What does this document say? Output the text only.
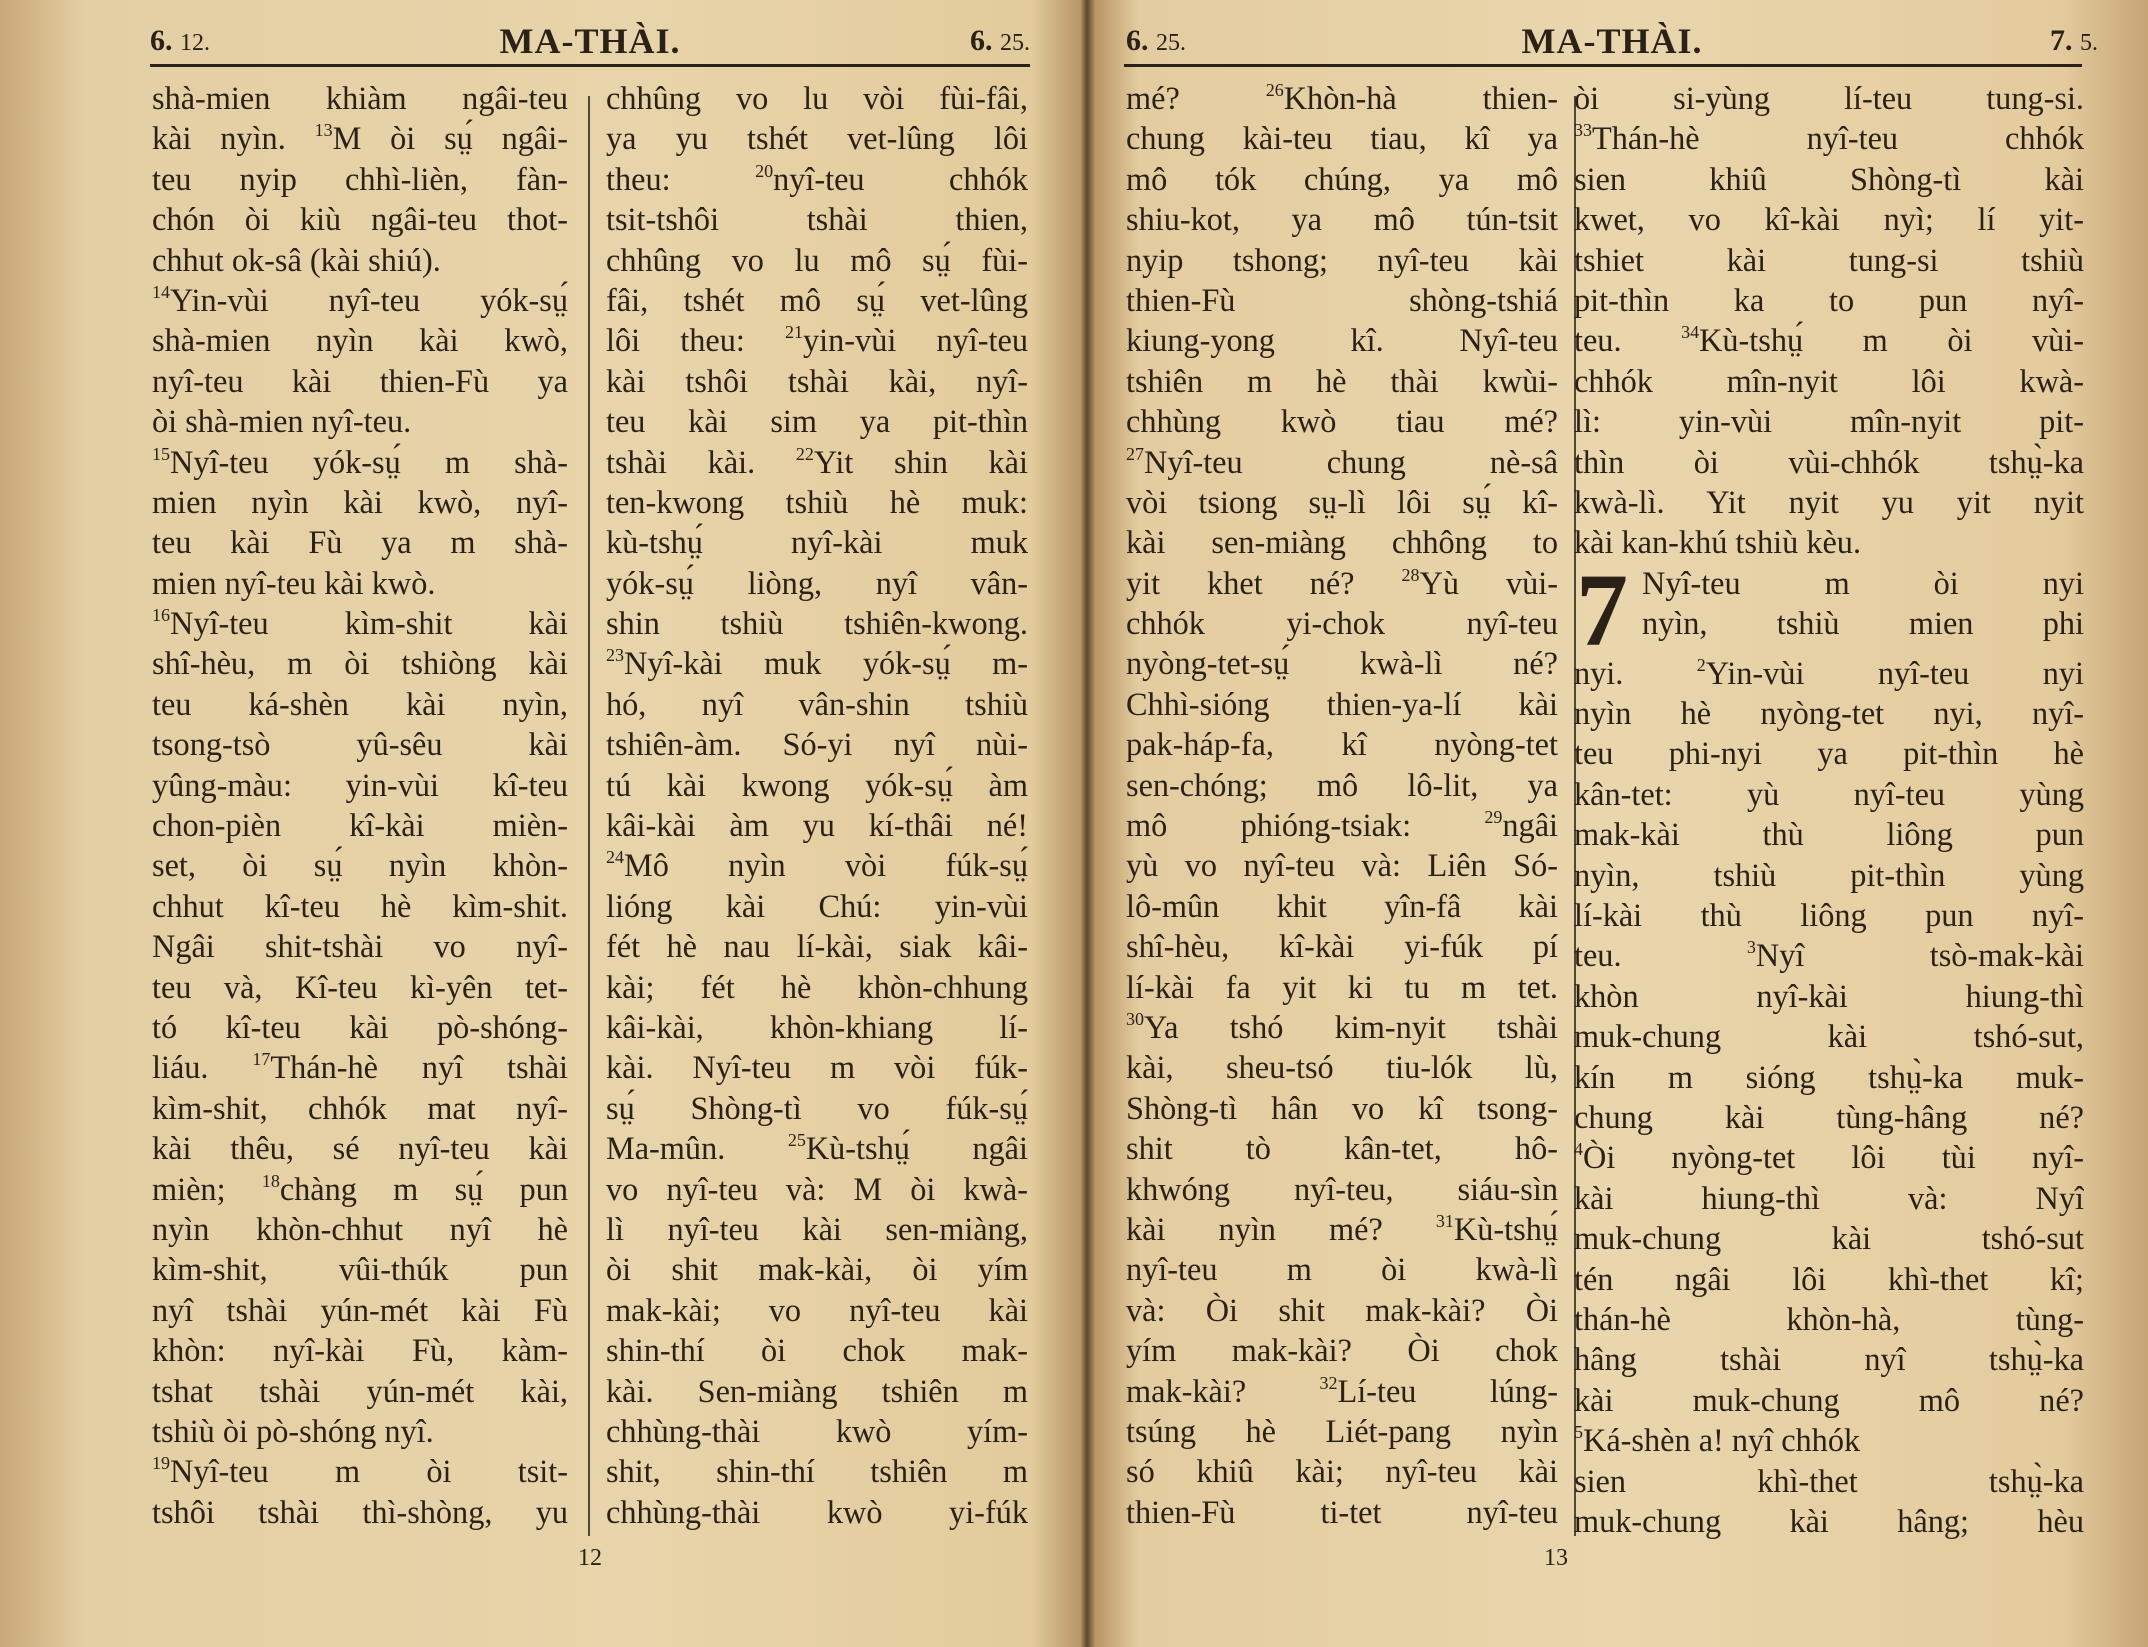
6. 12.	MA-THÀI.	6. 25.
shà-mien khiàm ngâi-teu
kài nyìn. $^{13}$M òi sṳ́ ngâi-
teu nyip chhì-lièn, fàn-
chón òi kiù ngâi-teu thot-
chhut ok-sâ (kài shiú).
$^{14}$Yin-vùi nyî-teu yók-sṳ́
shà-mien nyìn kài kwò,
nyî-teu kài thien-Fù ya
òi shà-mien nyî-teu.
$^{15}$Nyî-teu yók-sṳ́ m shà-
mien nyìn kài kwò, nyî-
teu kài Fù ya m shà-
mien nyî-teu kài kwò.
$^{16}$Nyî-teu kìm-shit kài
shî-hèu, m òi tshiòng kài
teu ká-shèn kài nyìn,
tsong-tsò yû-sêu kài
yûng-màu: yin-vùi kî-teu
chon-pièn kî-kài mièn-
set, òi sṳ́ nyìn khòn-
chhut kî-teu hè kìm-shit.
Ngâi shit-tshài vo nyî-
teu và, Kî-teu kì-yên tet-
tó kî-teu kài pò-shóng-
liáu. $^{17}$Thán-hè nyî tshài
kìm-shit, chhók mat nyî-
kài thêu, sé nyî-teu kài
mièn; $^{18}$chàng m sṳ́ pun
nyìn khòn-chhut nyî hè
kìm-shit, vûi-thúk pun
nyî tshài yún-mét kài Fù
khòn: nyî-kài Fù, kàm-
tshat tshài yún-mét kài,
tshiù òi pò-shóng nyî.
$^{19}$Nyî-teu m òi tsit-
tshôi tshài thì-shòng, yu
chhûng vo lu vòi fùi-fâi,
ya yu tshét vet-lûng lôi
theu: $^{20}$nyî-teu chhók
tsit-tshôi tshài thien,
chhûng vo lu mô sṳ́ fùi-
fâi, tshét mô sṳ́ vet-lûng
lôi theu: $^{21}$yin-vùi nyî-teu
kài tshôi tshài kài, nyî-
teu kài sim ya pit-thìn
tshài kài. $^{22}$Yit shin kài
ten-kwong tshiù hè muk:
kù-tshṳ́ nyî-kài muk
yók-sṳ́ liòng, nyî vân-
shin tshiù tshiên-kwong.
$^{23}$Nyî-kài muk yók-sṳ́ m-
hó, nyî vân-shin tshiù
tshiên-àm. Só-yi nyî nùi-
tú kài kwong yók-sṳ́ àm
kâi-kài àm yu kí-thâi né!
$^{24}$Mô nyìn vòi fúk-sṳ́
lióng kài Chú: yin-vùi
fét hè nau lí-kài, siak kâi-
kài; fét hè khòn-chhung
kâi-kài, khòn-khiang lí-
kài. Nyî-teu m vòi fúk-
sṳ́ Shòng-tì vo fúk-sṳ́
Ma-mûn. $^{25}$Kù-tshṳ́ ngâi
vo nyî-teu và: M òi kwà-
lì nyî-teu kài sen-miàng,
òi shit mak-kài, òi yím
mak-kài; vo nyî-teu kài
shin-thí òi chok mak-
kài. Sen-miàng tshiên m
chhùng-thài kwò yím-
shit, shin-thí tshiên m
chhùng-thài kwò yi-fúk
12
6. 25.	MA-THÀI.	7. 5.
mé? $^{26}$Khòn-hà thien-
chung kài-teu tiau, kî ya
mô tók chúng, ya mô
shiu-kot, ya mô tún-tsit
nyip tshong; nyî-teu kài
thien-Fù shòng-tshiá
kiung-yong kî. Nyî-teu
tshiên m hè thài kwùi-
chhùng kwò tiau mé?
$^{27}$Nyî-teu chung nè-sâ
vòi tsiong sṳ-lì lôi sṳ́ kî-
kài sen-miàng chhông to
yit khet né? $^{28}$Yù vùi-
chhók yi-chok nyî-teu
nyòng-tet-sṳ́ kwà-lì né?
Chhì-sióng thien-ya-lí kài
pak-háp-fa, kî nyòng-tet
sen-chóng; mô lô-lit, ya
mô phióng-tsiak: $^{29}$ngâi
yù vo nyî-teu và: Liên Só-
lô-mûn khit yîn-fâ kài
shî-hèu, kî-kài yi-fúk pí
lí-kài fa yit ki tu m tet.
$^{30}$Ya tshó kim-nyit tshài
kài, sheu-tsó tiu-lók lù,
Shòng-tì hân vo kî tsong-
shit tò kân-tet, hô-
khwóng nyî-teu, siáu-sìn
kài nyìn mé? $^{31}$Kù-tshṳ́
nyî-teu m òi kwà-lì
và: Òi shit mak-kài? Òi
yím mak-kài? Òi chok
mak-kài? $^{32}$Lí-teu lúng-
tsúng hè Liét-pang nyìn
só khiû kài; nyî-teu kài
thien-Fù ti-tet nyî-teu
òi si-yùng lí-teu tung-si.
$^{33}$Thán-hè nyî-teu chhók
sien khiû Shòng-tì kài
kwet, vo kî-kài nyì; lí yit-
tshiet kài tung-si tshiù
pit-thìn ka to pun nyî-
teu. $^{34}$Kù-tshṳ́ m òi vùi-
chhók mîn-nyit lôi kwà-
lì: yin-vùi mîn-nyit pit-
thìn òi vùi-chhók tshṳ̀-ka
kwà-lì. Yit nyit yu yit nyit
kài kan-khú tshiù kèu.
7 Nyî-teu m òi nyi
nyìn, tshiù mien phi
nyi. $^2$Yin-vùi nyî-teu nyi
nyìn hè nyòng-tet nyi, nyî-
teu phi-nyi ya pit-thìn hè
kân-tet: yù nyî-teu yùng
mak-kài thù liông pun
nyìn, tshiù pit-thìn yùng
lí-kài thù liông pun nyî-
teu. $^3$Nyî tsò-mak-kài
khòn nyî-kài hiung-thì
muk-chung kài tshó-sut,
kín m sióng tshṳ̀-ka muk-
chung kài tùng-hâng né?
$^4$Òi nyòng-tet lôi tùi nyî-
kài hiung-thì và: Nyî
muk-chung kài tshó-sut
tén ngâi lôi khì-thet kî;
thán-hè khòn-hà, tùng-
hâng tshài nyî tshṳ̀-ka
kài muk-chung mô né?
$^5$Ká-shèn a! nyî chhók
sien khì-thet tshṳ̀-ka
muk-chung kài hâng; hèu
13
